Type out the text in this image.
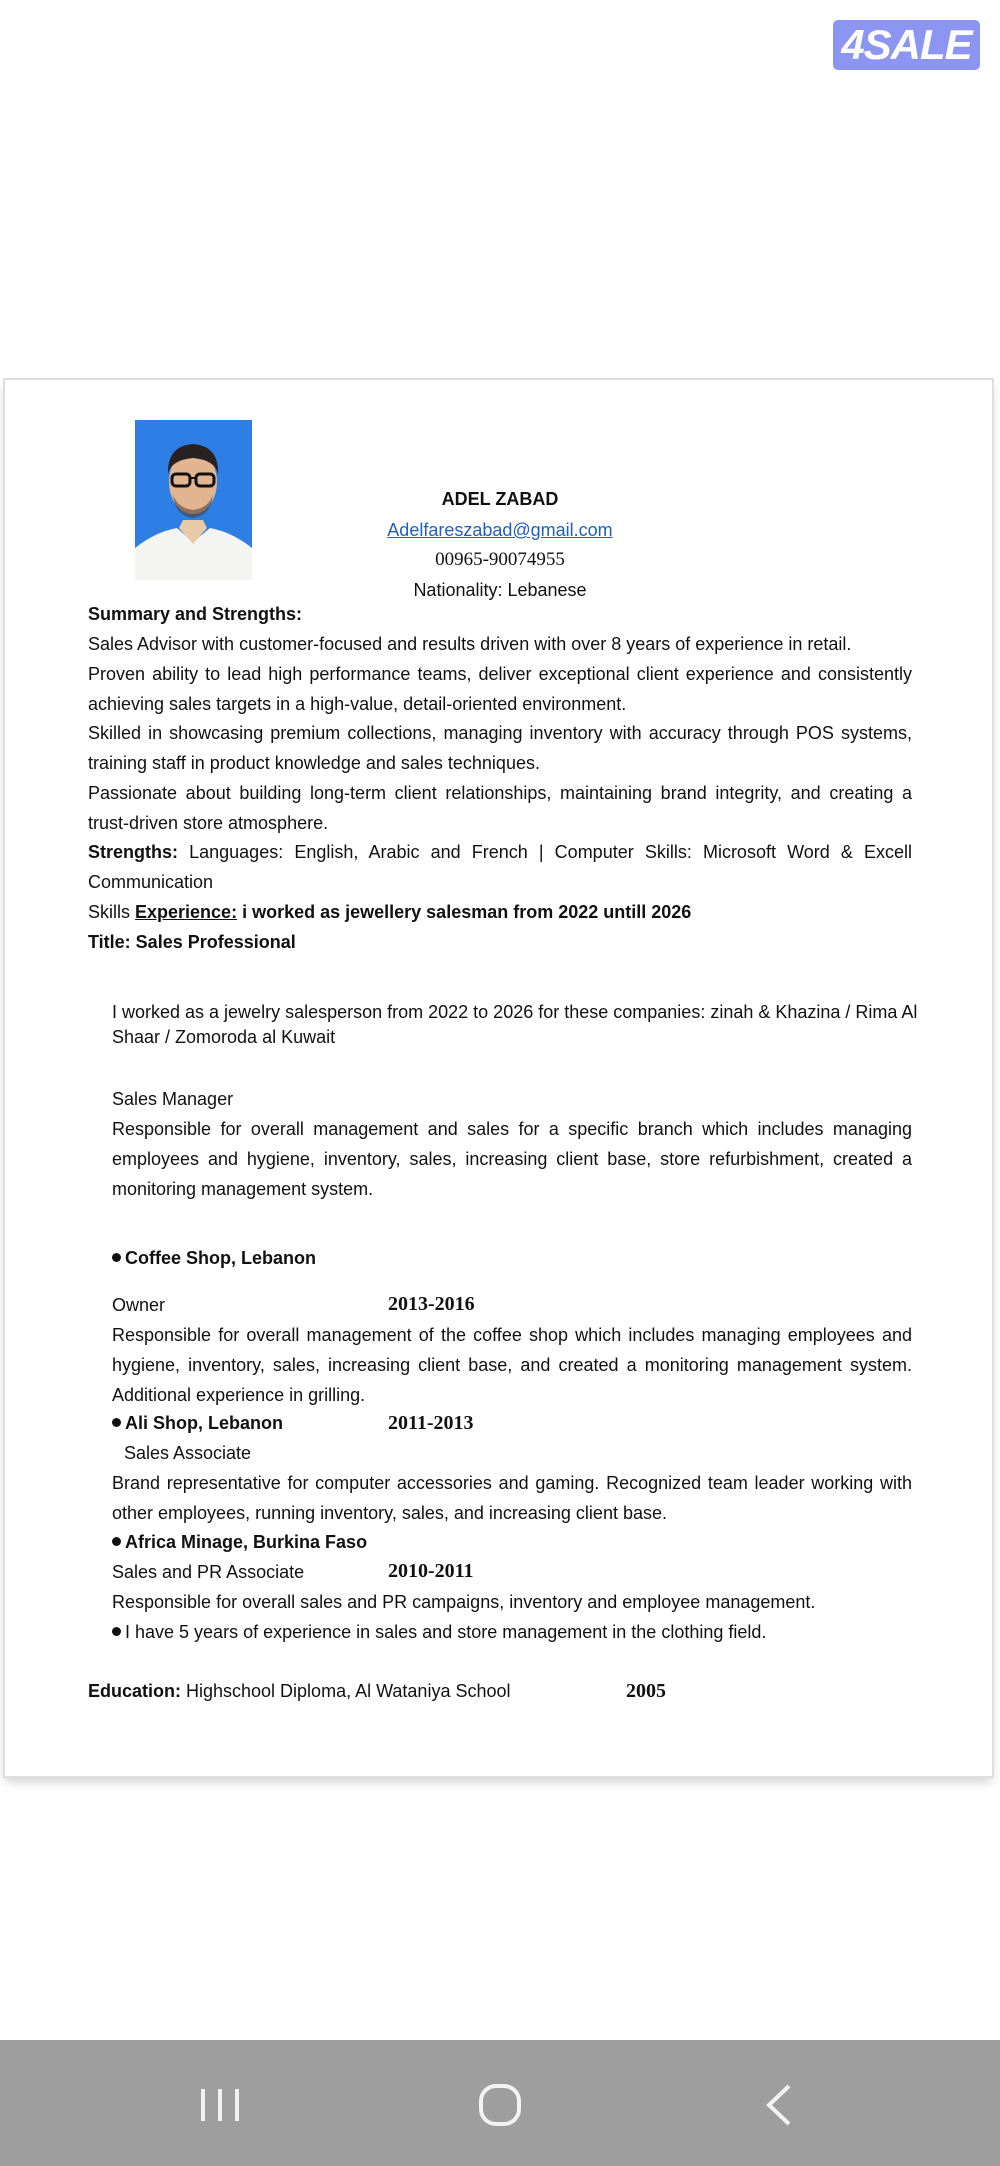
4SALE
ADEL ZABAD
Adelfareszabad@gmail.com
00965-90074955
Nationality: Lebanese
Summary and Strengths:
Sales Advisor with customer-focused and results driven with over 8 years of experience in retail.
Proven ability to lead high performance teams, deliver exceptional client experience and consistently achieving sales targets in a high-value, detail-oriented environment.
Skilled in showcasing premium collections, managing inventory with accuracy through POS systems, training staff in product knowledge and sales techniques.
Passionate about building long-term client relationships, maintaining brand integrity, and creating a trust-driven store atmosphere.
Strengths: Languages: English, Arabic and French | Computer Skills: Microsoft Word & Excell Communication
Skills Experience: i worked as jewellery salesman from 2022 untill 2026
Title: Sales Professional
I worked as a jewelry salesperson from 2022 to 2026 for these companies: zinah & Khazina / Rima Al Shaar / Zomoroda al Kuwait
Sales Manager
Responsible for overall management and sales for a specific branch which includes managing employees and hygiene, inventory, sales, increasing client base, store refurbishment, created a monitoring management system.
Coffee Shop, Lebanon
Owner	2013-2016
Responsible for overall management of the coffee shop which includes managing employees and hygiene, inventory, sales, increasing client base, and created a monitoring management system. Additional experience in grilling.
Ali Shop, Lebanon	2011-2013
Sales Associate
Brand representative for computer accessories and gaming. Recognized team leader working with other employees, running inventory, sales, and increasing client base.
Africa Minage, Burkina Faso
Sales and PR Associate	2010-2011
Responsible for overall sales and PR campaigns, inventory and employee management.
I have 5 years of experience in sales and store management in the clothing field.
Education: Highschool Diploma, Al Wataniya School	2005
